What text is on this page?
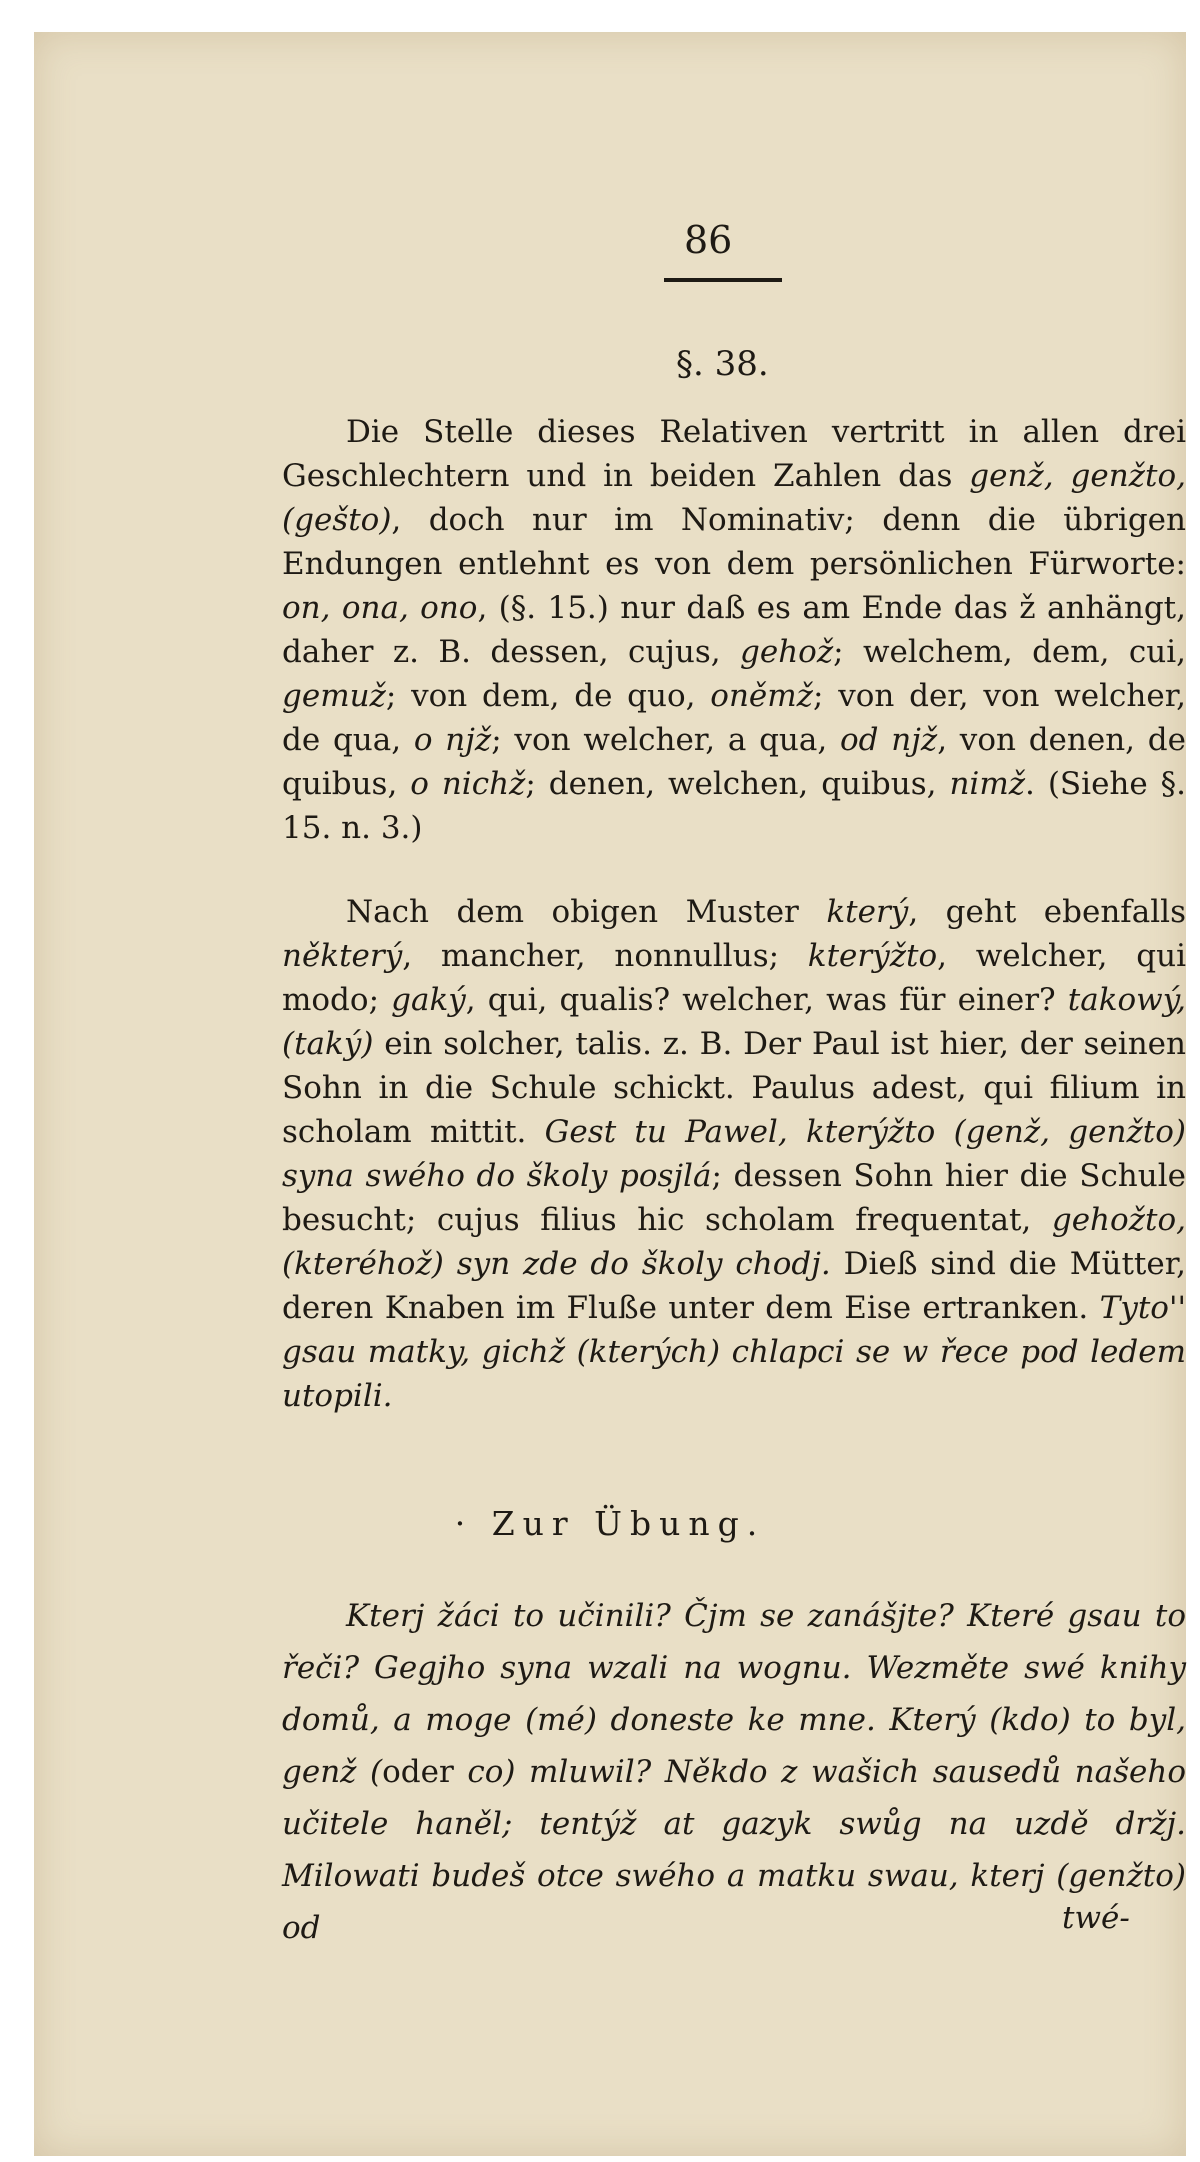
86
§. 38.

Die Stelle dieses Relativen vertritt in allen drei Geschlechtern und in beiden Zahlen das genž, genžto, (gešto), doch nur im Nominativ; denn die übrigen Endungen entlehnt es von dem persönlichen Fürworte: on, ona, ono, (§. 15.) nur daß es am Ende das ž anhängt, daher z. B. dessen, cujus, gehož; welchem, dem, cui, gemuž; von dem, de quo, oněmž; von der, von welcher, de qua, o njž; von welcher, a qua, od njž, von denen, de quibus, o nichž; denen, welchen, quibus, nimž. (Siehe §. 15. n. 3.)

Nach dem obigen Muster který, geht ebenfalls některý, mancher, nonnullus; kterýžto, welcher, qui modo; gaký, qui, qualis? welcher, was für einer? takowý, (taký) ein solcher, talis. z. B. Der Paul ist hier, der seinen Sohn in die Schule schickt. Paulus adest, qui filium in scholam mittit. Gest tu Pawel, kterýžto (genž, genžto) syna swého do školy posjlá; dessen Sohn hier die Schule besucht; cujus filius hic scholam frequentat, gehožto, (kteréhož) syn zde do školy chodj. Dieß sind die Mütter, deren Knaben im Fluße unter dem Eise ertranken. Tyto'' gsau matky, gichž (kterých) chlapci se w řece pod ledem utopili.

· Zur Übung.

Kterj žáci to učinili? Čjm se zanášjte? Které gsau to řeči? Gegjho syna wzali na wognu. Wezměte swé knihy domů, a moge (mé) doneste ke mne. Který (kdo) to byl, genž (oder co) mluwil? Někdo z wašich sausedů našeho učitele haněl; tentýž at gazyk swůg na uzdě držj. Milowati budeš otce swého a matku swau, kterj (genžto) od	twé-
